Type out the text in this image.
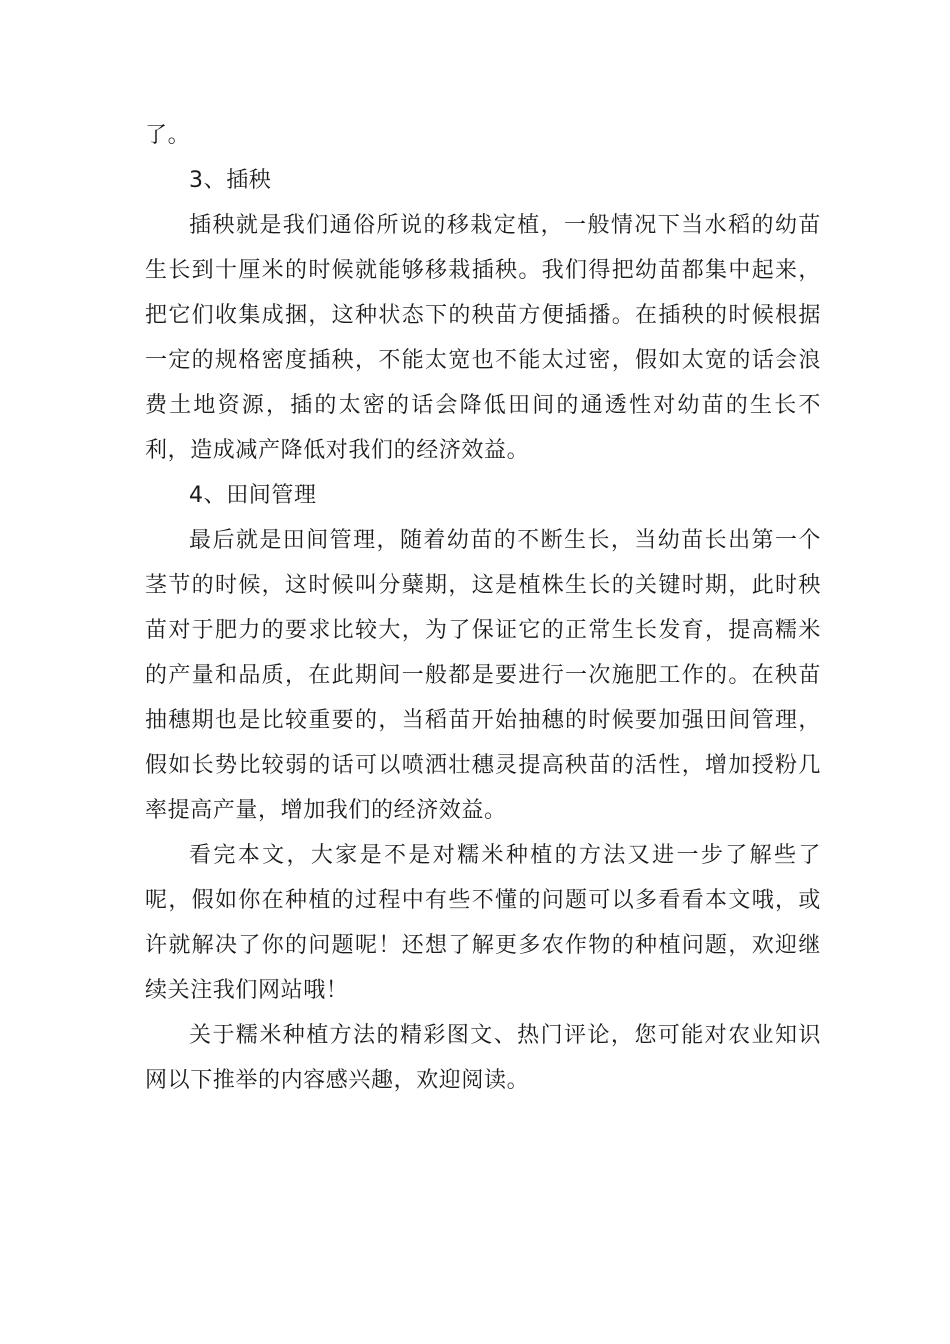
了。

3、插秧

插秧就是我们通俗所说的移栽定植，一般情况下当水稻的幼苗生长到十厘米的时候就能够移栽插秧。我们得把幼苗都集中起来，把它们收集成捆，这种状态下的秧苗方便插播。在插秧的时候根据一定的规格密度插秧，不能太宽也不能太过密，假如太宽的话会浪费土地资源，插的太密的话会降低田间的通透性对幼苗的生长不利，造成减产降低对我们的经济效益。

4、田间管理

最后就是田间管理，随着幼苗的不断生长，当幼苗长出第一个茎节的时候，这时候叫分蘖期，这是植株生长的关键时期，此时秧苗对于肥力的要求比较大，为了保证它的正常生长发育，提高糯米的产量和品质，在此期间一般都是要进行一次施肥工作的。在秧苗抽穗期也是比较重要的，当稻苗开始抽穗的时候要加强田间管理，假如长势比较弱的话可以喷洒壮穗灵提高秧苗的活性，增加授粉几率提高产量，增加我们的经济效益。

看完本文，大家是不是对糯米种植的方法又进一步了解些了呢，假如你在种植的过程中有些不懂的问题可以多看看本文哦，或许就解决了你的问题呢！还想了解更多农作物的种植问题，欢迎继续关注我们网站哦！

关于糯米种植方法的精彩图文、热门评论，您可能对农业知识网以下推举的内容感兴趣，欢迎阅读。
